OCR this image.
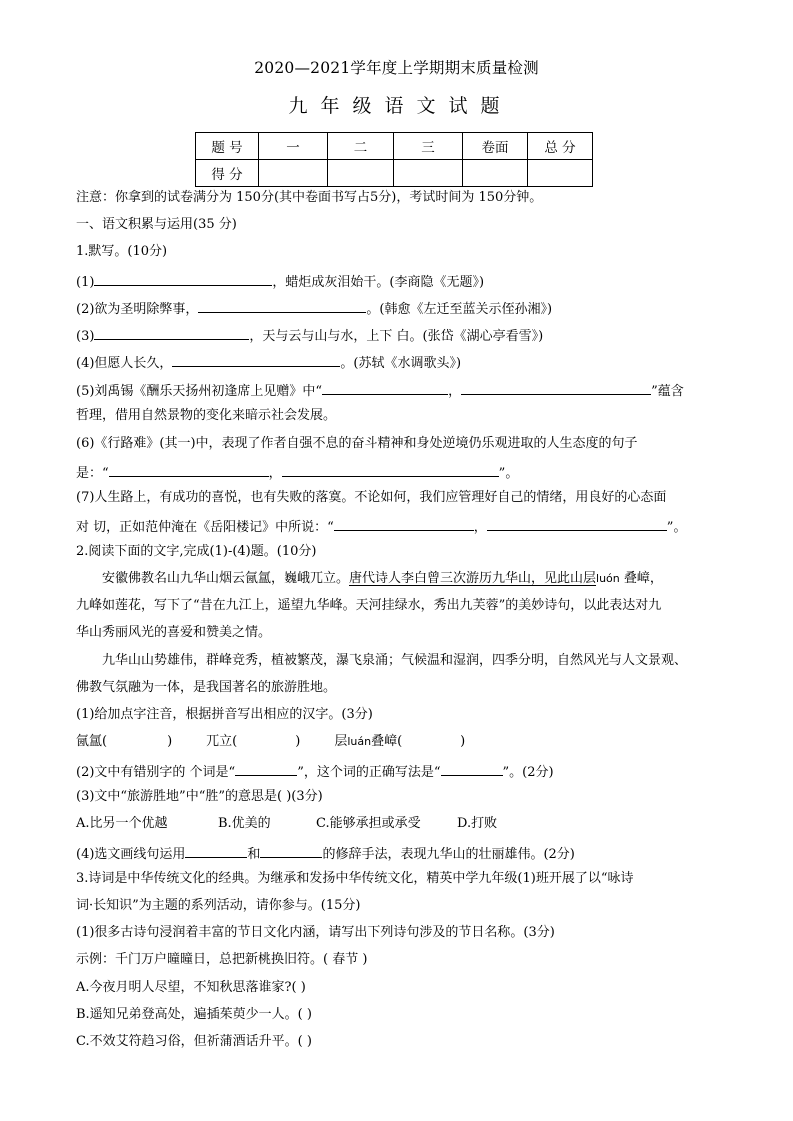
2020—2021学年度上学期期末质量检测
九年级语文试题
题 号	一	二	三	卷面	总 分
得 分					
注意：你拿到的试卷满分为 150分(其中卷面书写占5分)，考试时间为 150分钟。
一、语文积累与运用(35 分)
1.默写。(10分)
(1)	，蜡炬成灰泪始干。(李商隐《无题》)
(2)欲为圣明除弊事，	。(韩愈《左迁至蓝关示侄孙湘》)
(3)	，天与云与山与水，上下 白。(张岱《湖心亭看雪》)
(4)但愿人长久，	。(苏轼《水调歌头》)
(5)刘禹锡《酬乐天扬州初逢席上见赠》中“	，	”蕴含
哲理，借用自然景物的变化来暗示社会发展。
(6)《行路难》(其一)中，表现了作者自强不息的奋斗精神和身处逆境仍乐观进取的人生态度的句子
是：“	，	”。
(7)人生路上，有成功的喜悦，也有失败的落寞。不论如何，我们应管理好自己的情绪，用良好的心态面
对 切，正如范仲淹在《岳阳楼记》中所说：“	，	”。
2.阅读下面的文字,完成(1)-(4)题。(10分)
安徽佛教名山九华山烟云氤氲，巍峨兀立。唐代诗人李白曾三次游历九华山，见此山层luón 叠嶂，
九峰如莲花，写下了“昔在九江上，遥望九华峰。天河挂绿水，秀出九芙蓉”的美妙诗句，以此表达对九
华山秀丽风光的喜爱和赞美之情。
九华山山势雄伟，群峰竞秀，植被繁茂，瀑飞泉涌；气候温和湿润，四季分明，自然风光与人文景观、
佛教气氛融为一体，是我国著名的旅游胜地。
(1)给加点字注音，根据拼音写出相应的汉字。(3分)
氤氲(	)	兀立(	)	层luán叠嶂(	)
(2)文中有错别字的 个词是“	”，这个词的正确写法是“	”。(2分)
(3)文中“旅游胜地”中“胜”的意思是( )(3分)
A.比另一个优越	B.优美的	C.能够承担或承受	D.打败
(4)选文画线句运用	和	的修辞手法，表现九华山的壮丽雄伟。(2分)
3.诗词是中华传统文化的经典。为继承和发扬中华传统文化，精英中学九年级(1)班开展了以“咏诗
词·长知识”为主题的系列活动，请你参与。(15分)
(1)很多古诗句浸润着丰富的节日文化内涵，请写出下列诗句涉及的节日名称。(3分)
示例：千门万户曈曈日，总把新桃换旧符。( 春节 )
A.今夜月明人尽望，不知秋思落谁家?( )
B.遥知兄弟登高处，遍插茱萸少一人。( )
C.不效艾符趋习俗，但祈蒲酒话升平。( )
